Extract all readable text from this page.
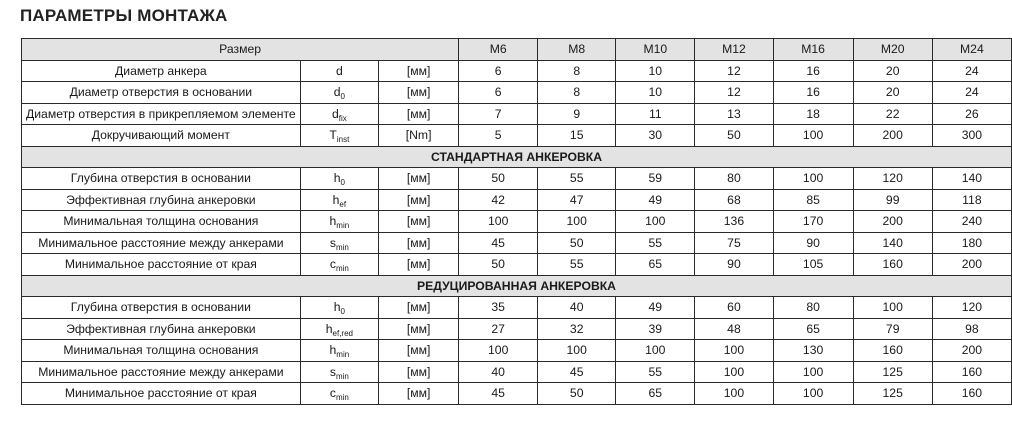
ПАРАМЕТРЫ МОНТАЖА
Размер			M6	M8	M10	M12	M16	M20	M24
Диаметр анкера	d	[мм]	6	8	10	12	16	20	24
Диаметр отверстия в основании	$d_0$	[мм]	6	8	10	12	16	20	24
Диаметр отверстия в прикрепляемом элементе	$d_{fix}$	[мм]	7	9	11	13	18	22	26
Докручивающий момент	$T_{inst}$	[Nm]	5	15	30	50	100	200	300
СТАНДАРТНАЯ АНКЕРОВКА									
Глубина отверстия в основании	$h_0$	[мм]	50	55	59	80	100	120	140
Эффективная глубина анкеровки	$h_{ef}$	[мм]	42	47	49	68	85	99	118
Минимальная толщина основания	$h_{min}$	[мм]	100	100	100	136	170	200	240
Минимальное расстояние между анкерами	$s_{min}$	[мм]	45	50	55	75	90	140	180
Минимальное расстояние от края	$c_{min}$	[мм]	50	55	65	90	105	160	200
РЕДУЦИРОВАННАЯ АНКЕРОВКА									
Глубина отверстия в основании	$h_0$	[мм]	35	40	49	60	80	100	120
Эффективная глубина анкеровки	$h_{ef,red}$	[мм]	27	32	39	48	65	79	98
Минимальная толщина основания	$h_{min}$	[мм]	100	100	100	100	130	160	200
Минимальное расстояние между анкерами	$s_{min}$	[мм]	40	45	55	100	100	125	160
Минимальное расстояние от края	$c_{min}$	[мм]	45	50	65	100	100	125	160
